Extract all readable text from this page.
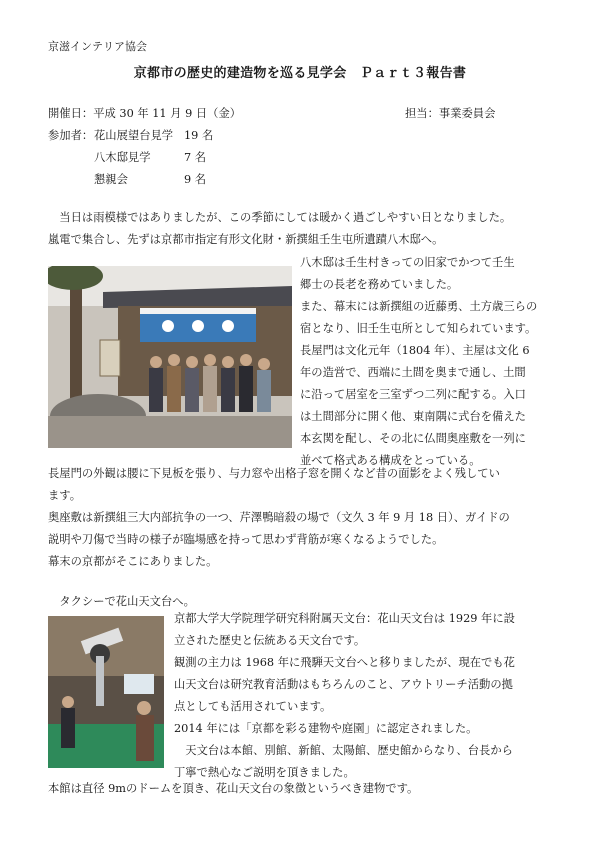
京滋インテリア協会
京都市の歴史的建造物を巡る見学会　Ｐａｒｔ３報告書
開催日：平成 30 年 11 月 9 日（金）	担当：事業委員会
参加者： 花山展望台見学 19 名
八木邸見学	7 名
懇親会	9 名
　当日は雨模様ではありましたが、この季節にしては暖かく過ごしやすい日となりました。
嵐電で集合し、先ずは京都市指定有形文化財・新撰組壬生屯所遺蹟八木邸へ。
八木邸は壬生村きっての旧家でかつて壬生
郷士の長老を務めていました。
また、幕末には新撰組の近藤勇、土方歳三らの
宿となり、旧壬生屯所として知られています。
長屋門は文化元年（1804 年）、主屋は文化 6
年の造営で、西端に土間を奥まで通し、土間
に沿って居室を三室ずつ二列に配する。入口
は土間部分に開く他、東南隅に式台を備えた
本玄関を配し、その北に仏間奥座敷を一列に
並べて格式ある構成をとっている。
長屋門の外観は腰に下見板を張り、与力窓や出格子窓を開くなど昔の面影をよく残してい
ます。
奥座敷は新撰組三大内部抗争の一つ、芹澤鴨暗殺の場で（文久 3 年 9 月 18 日）、ガイドの
説明や刀傷で当時の様子が臨場感を持って思わず背筋が寒くなるようでした。
幕末の京都がそこにありました。
　タクシーで花山天文台へ。
京都大学大学院理学研究科附属天文台：花山天文台は 1929 年に設
立された歴史と伝統ある天文台です。
観測の主力は 1968 年に飛騨天文台へと移りましたが、現在でも花
山天文台は研究教育活動はもちろんのこと、アウトリーチ活動の拠
点としても活用されています。
2014 年には「京都を彩る建物や庭園」に認定されました。
　天文台は本館、別館、新館、太陽館、歴史館からなり、台長から
丁寧で熱心なご説明を頂きました。
本館は直径 9mのドームを頂き、花山天文台の象徴というべき建物です。
